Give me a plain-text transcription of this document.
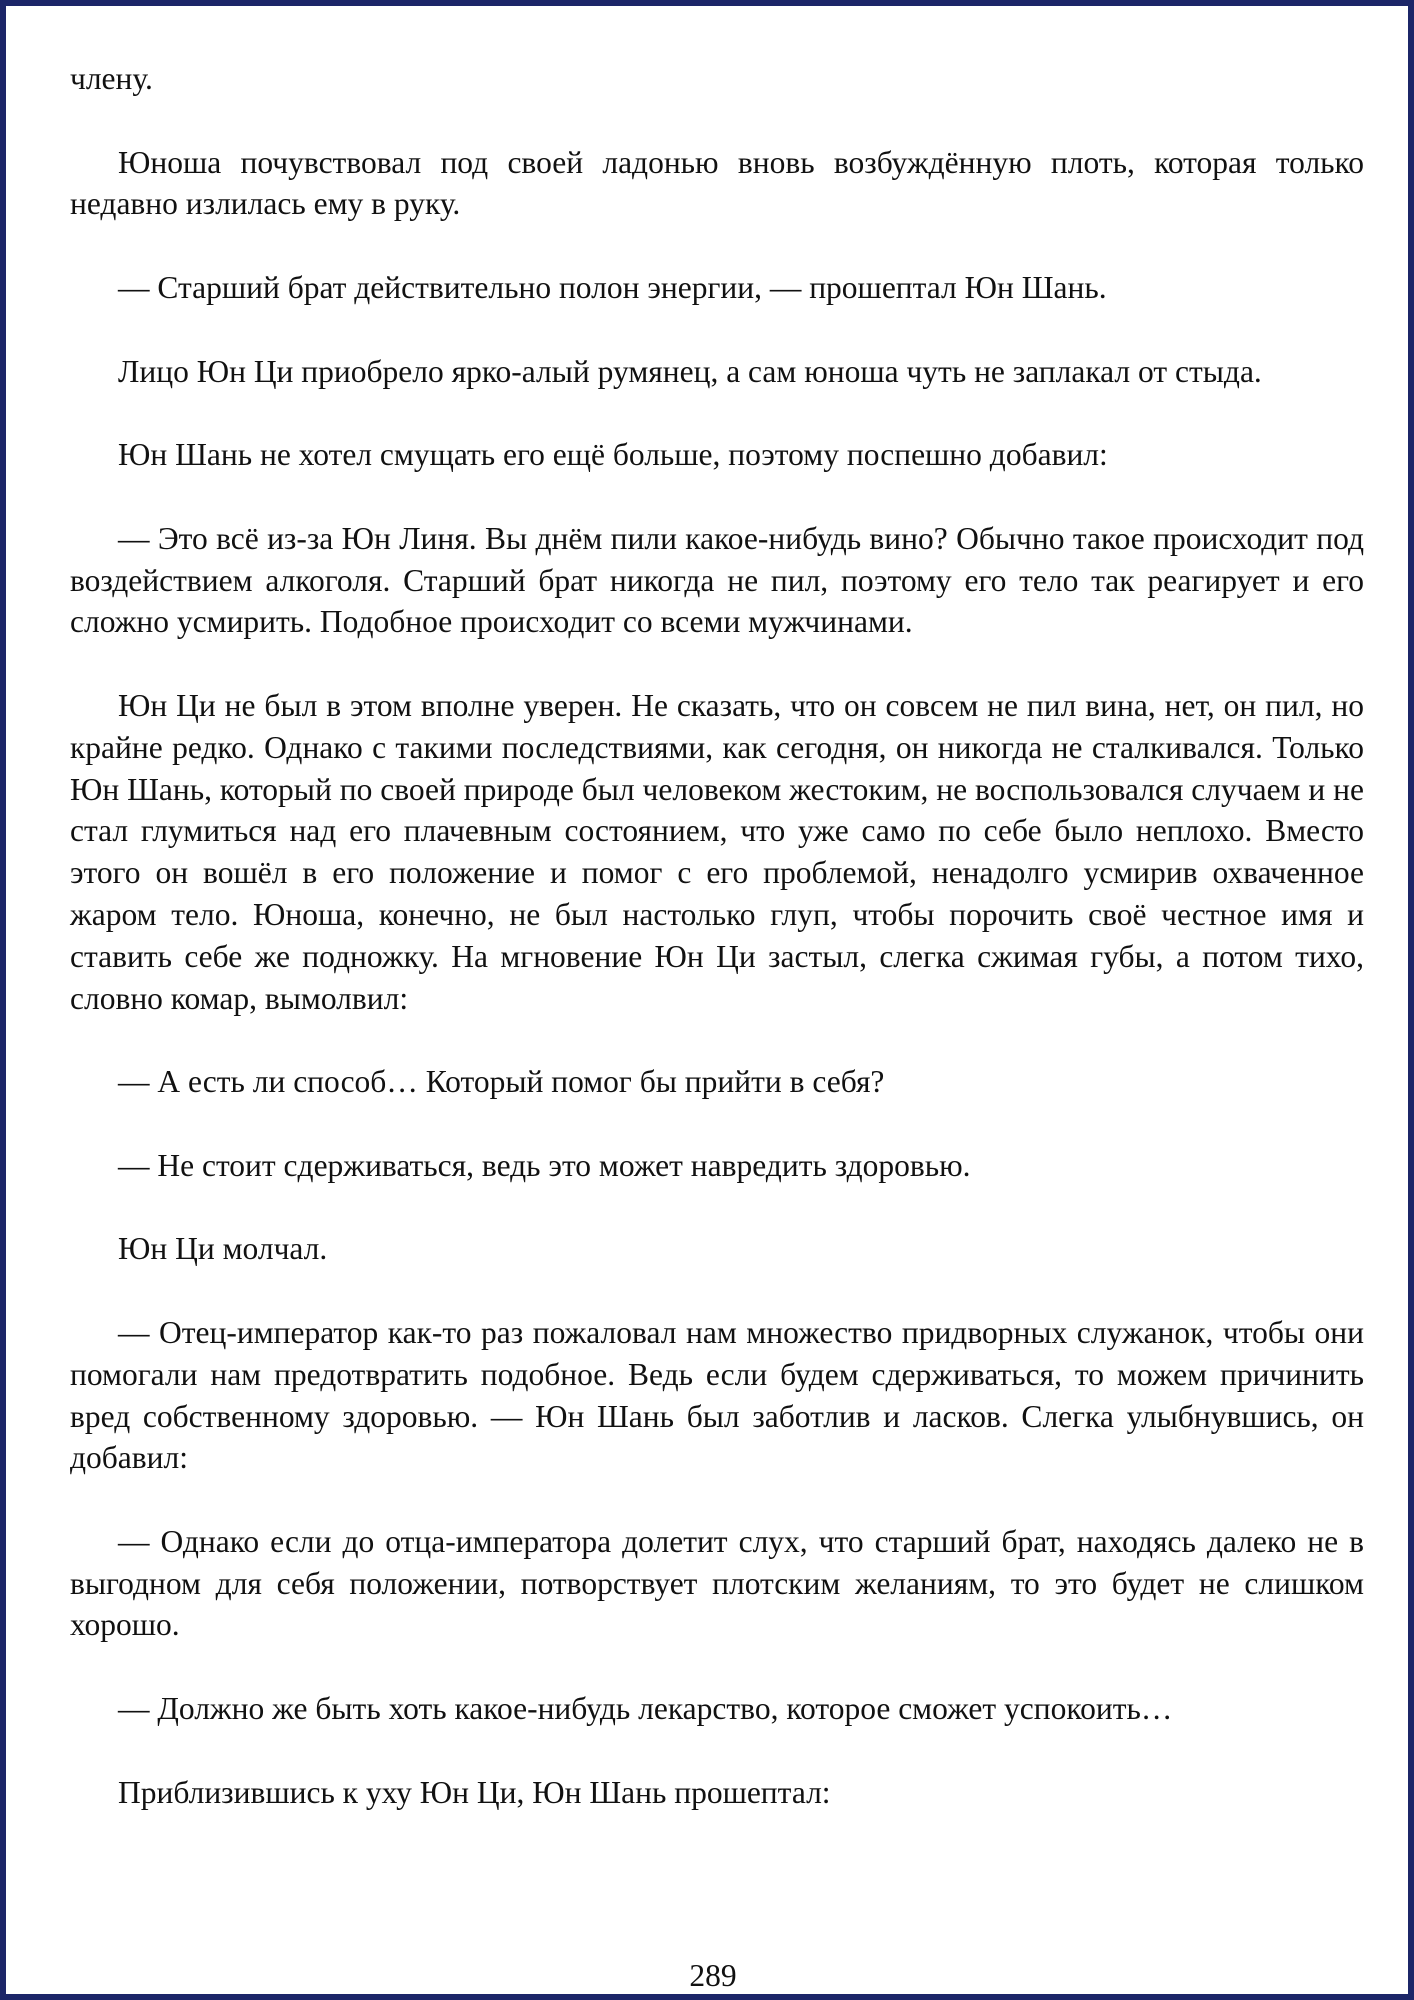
члену.

Юноша почувствовал под своей ладонью вновь возбуждённую плоть, которая только недавно излилась ему в руку.

— Старший брат действительно полон энергии, — прошептал Юн Шань.

Лицо Юн Ци приобрело ярко-алый румянец, а сам юноша чуть не заплакал от стыда.

Юн Шань не хотел смущать его ещё больше, поэтому поспешно добавил:

— Это всё из-за Юн Линя. Вы днём пили какое-нибудь вино? Обычно такое происходит под воздействием алкоголя. Старший брат никогда не пил, поэтому его тело так реагирует и его сложно усмирить. Подобное происходит со всеми мужчинами.

Юн Ци не был в этом вполне уверен. Не сказать, что он совсем не пил вина, нет, он пил, но крайне редко. Однако с такими последствиями, как сегодня, он никогда не сталкивался. Только Юн Шань, который по своей природе был человеком жестоким, не воспользовался случаем и не стал глумиться над его плачевным состоянием, что уже само по себе было неплохо. Вместо этого он вошёл в его положение и помог с его проблемой, ненадолго усмирив охваченное жаром тело. Юноша, конечно, не был настолько глуп, чтобы порочить своё честное имя и ставить себе же подножку. На мгновение Юн Ци застыл, слегка сжимая губы, а потом тихо, словно комар, вымолвил:

— А есть ли способ… Который помог бы прийти в себя?

— Не стоит сдерживаться, ведь это может навредить здоровью.

Юн Ци молчал.

— Отец-император как-то раз пожаловал нам множество придворных служанок, чтобы они помогали нам предотвратить подобное. Ведь если будем сдерживаться, то можем причинить вред собственному здоровью. — Юн Шань был заботлив и ласков. Слегка улыбнувшись, он добавил:

— Однако если до отца-императора долетит слух, что старший брат, находясь далеко не в выгодном для себя положении, потворствует плотским желаниям, то это будет не слишком хорошо.

— Должно же быть хоть какое-нибудь лекарство, которое сможет успокоить…

Приблизившись к уху Юн Ци, Юн Шань прошептал:

289
